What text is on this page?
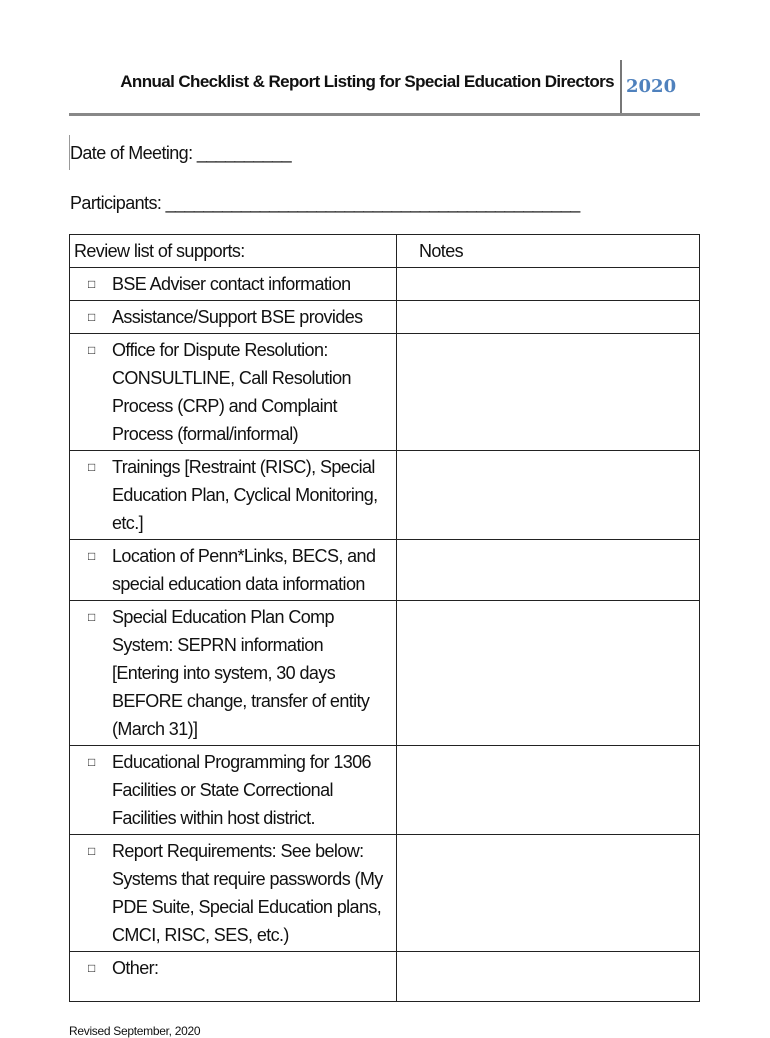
Annual Checklist & Report Listing for Special Education Directors 2020
Date of Meeting: __________
Participants: ____________________________________________
Review list of supports:	Notes

□ BSE Adviser contact information	

□ Assistance/Support BSE provides	

□ Office for Dispute Resolution: CONSULTLINE, Call Resolution Process (CRP) and Complaint Process (formal/informal)	

□ Trainings [Restraint (RISC), Special Education Plan, Cyclical Monitoring, etc.]	

□ Location of Penn*Links, BECS, and special education data information	

□ Special Education Plan Comp System: SEPRN information [Entering into system, 30 days BEFORE change, transfer of entity (March 31)]	

□ Educational Programming for 1306 Facilities or State Correctional Facilities within host district.	

□ Report Requirements: See below: Systems that require passwords (My PDE Suite, Special Education plans, CMCI, RISC, SES, etc.)	

□ Other:	

Revised September, 2020
